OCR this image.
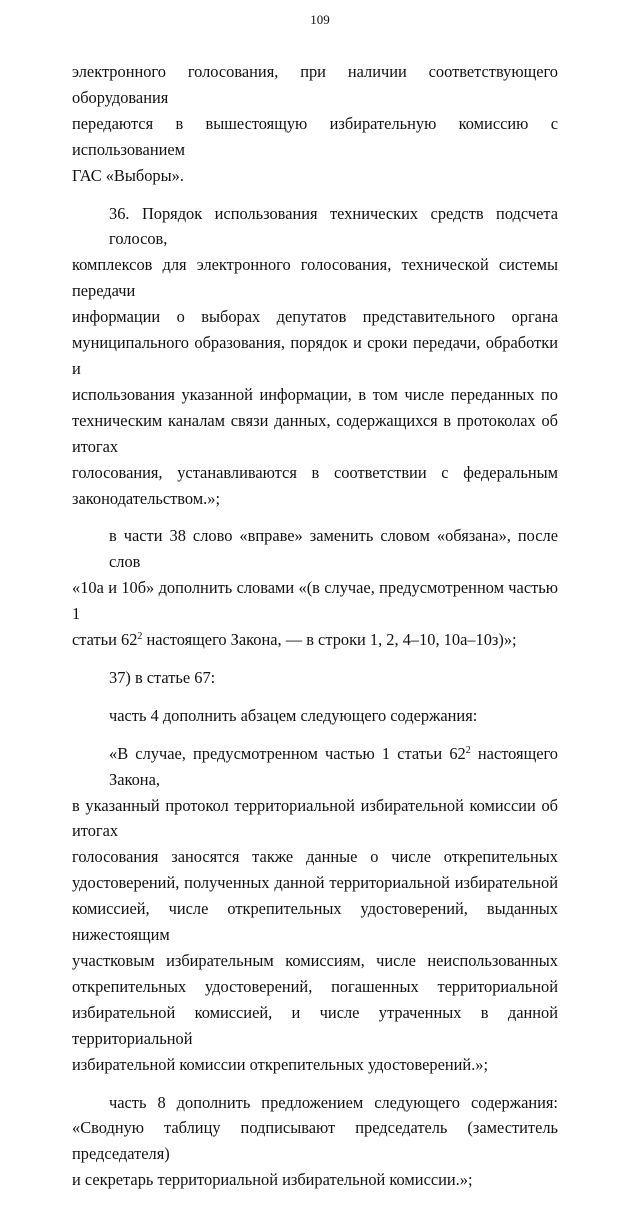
109

электронного голосования, при наличии соответствующего оборудования
передаются в вышестоящую избирательную комиссию с использованием
ГАС «Выборы».

36. Порядок использования технических средств подсчета голосов,
комплексов для электронного голосования, технической системы передачи
информации о выборах депутатов представительного органа
муниципального образования, порядок и сроки передачи, обработки и
использования указанной информации, в том числе переданных по
техническим каналам связи данных, содержащихся в протоколах об итогах
голосования, устанавливаются в соответствии с федеральным
законодательством.»;

в части 38 слово «вправе» заменить словом «обязана», после слов
«10а и 10б» дополнить словами «(в случае, предусмотренном частью 1
статьи $62^2$ настоящего Закона, — в строки 1, 2, 4–10, 10а–10з)»;

37) в статье 67:

часть 4 дополнить абзацем следующего содержания:

«В случае, предусмотренном частью 1 статьи $62^2$ настоящего Закона,
в указанный протокол территориальной избирательной комиссии об итогах
голосования заносятся также данные о числе открепительных
удостоверений, полученных данной территориальной избирательной
комиссией, числе открепительных удостоверений, выданных нижестоящим
участковым избирательным комиссиям, числе неиспользованных
открепительных удостоверений, погашенных территориальной
избирательной комиссией, и числе утраченных в данной территориальной
избирательной комиссии открепительных удостоверений.»;

часть 8 дополнить предложением следующего содержания:
«Сводную таблицу подписывают председатель (заместитель председателя)
и секретарь территориальной избирательной комиссии.»;
